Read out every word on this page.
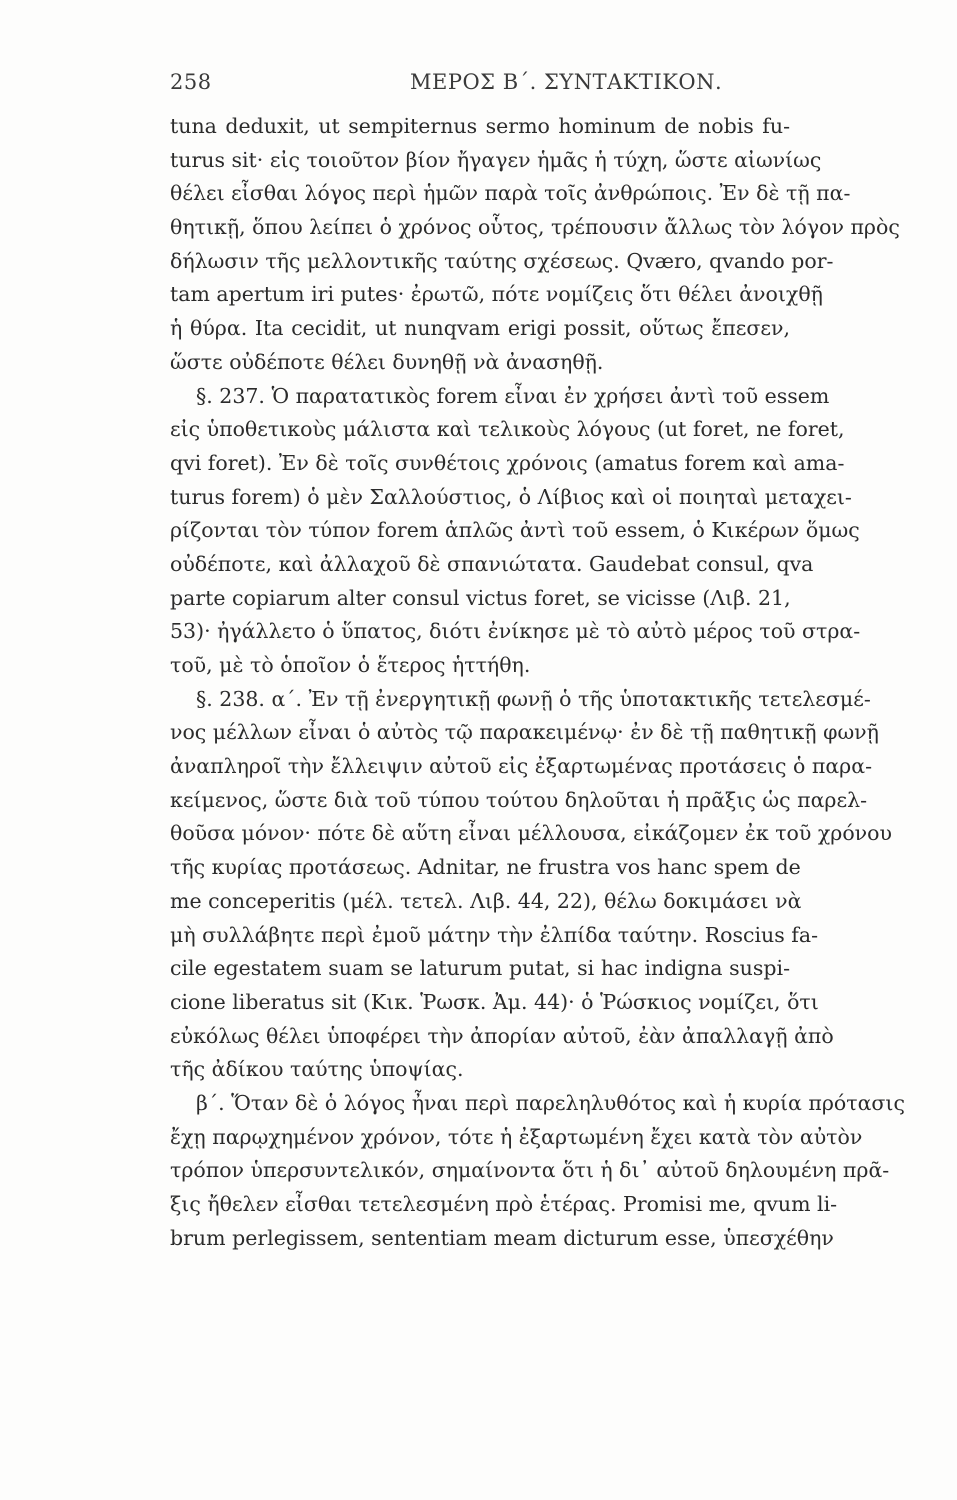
258	ΜΕΡΟΣ Β΄. ΣΥΝΤΑΚΤΙΚΟΝ.
tuna deduxit, ut sempiternus sermo hominum de nobis fu-
turus sit· εἰς τοιοῦτον βίον ἤγαγεν ἡμᾶς ἡ τύχη, ὥστε αἰωνίως
θέλει εἶσθαι λόγος περὶ ἡμῶν παρὰ τοῖς ἀνθρώποις. Ἐν δὲ τῇ πα-
θητικῇ, ὅπου λείπει ὁ χρόνος οὗτος, τρέπουσιν ἄλλως τὸν λόγον πρὸς
δήλωσιν τῆς μελλοντικῆς ταύτης σχέσεως. Qværo, qvando por-
tam apertum iri putes· ἐρωτῶ, πότε νομίζεις ὅτι θέλει ἀνοιχθῇ
ἡ θύρα. Ita cecidit, ut nunqvam erigi possit, οὕτως ἔπεσεν,
ὥστε οὐδέποτε θέλει δυνηθῇ νὰ ἀνασηθῇ.
§. 237. Ὁ παρατατικὸς forem εἶναι ἐν χρήσει ἀντὶ τοῦ essem
εἰς ὑποθετικοὺς μάλιστα καὶ τελικοὺς λόγους (ut foret, ne foret,
qvi foret). Ἐν δὲ τοῖς συνθέτοις χρόνοις (amatus forem καὶ ama-
turus forem) ὁ μὲν Σαλλούστιος, ὁ Λίβιος καὶ οἱ ποιηταὶ μεταχει-
ρίζονται τὸν τύπον forem ἁπλῶς ἀντὶ τοῦ essem, ὁ Κικέρων ὅμως
οὐδέποτε, καὶ ἀλλαχοῦ δὲ σπανιώτατα. Gaudebat consul, qva
parte copiarum alter consul victus foret, se vicisse (Λιβ. 21,
53)· ἠγάλλετο ὁ ὕπατος, διότι ἐνίκησε μὲ τὸ αὐτὸ μέρος τοῦ στρα-
τοῦ, μὲ τὸ ὁποῖον ὁ ἕτερος ἡττήθη.
§. 238. α΄. Ἐν τῇ ἐνεργητικῇ φωνῇ ὁ τῆς ὑποτακτικῆς τετελεσμέ-
νος μέλλων εἶναι ὁ αὐτὸς τῷ παρακειμένῳ· ἐν δὲ τῇ παθητικῇ φωνῇ
ἀναπληροῖ τὴν ἔλλειψιν αὐτοῦ εἰς ἐξαρτωμένας προτάσεις ὁ παρα-
κείμενος, ὥστε διὰ τοῦ τύπου τούτου δηλοῦται ἡ πρᾶξις ὡς παρελ-
θοῦσα μόνον· πότε δὲ αὕτη εἶναι μέλλουσα, εἰκάζομεν ἐκ τοῦ χρόνου
τῆς κυρίας προτάσεως. Adnitar, ne frustra vos hanc spem de
me conceperitis (μέλ. τετελ. Λιβ. 44, 22), θέλω δοκιμάσει νὰ
μὴ συλλάβητε περὶ ἐμοῦ μάτην τὴν ἐλπίδα ταύτην. Roscius fa-
cile egestatem suam se laturum putat, si hac indigna suspi-
cione liberatus sit (Κικ. Ῥωσκ. Ἀμ. 44)· ὁ Ῥώσκιος νομίζει, ὅτι
εὐκόλως θέλει ὑποφέρει τὴν ἀπορίαν αὐτοῦ, ἐὰν ἀπαλλαγῇ ἀπὸ
τῆς ἀδίκου ταύτης ὑποψίας.
β΄. Ὅταν δὲ ὁ λόγος ἦναι περὶ παρεληλυθότος καὶ ἡ κυρία πρότασις
ἔχῃ παρῳχημένον χρόνον, τότε ἡ ἐξαρτωμένη ἔχει κατὰ τὸν αὐτὸν
τρόπον ὑπερσυντελικόν, σημαίνοντα ὅτι ἡ δι᾽ αὐτοῦ δηλουμένη πρᾶ-
ξις ἤθελεν εἶσθαι τετελεσμένη πρὸ ἑτέρας. Promisi me, qvum li-
brum perlegissem, sententiam meam dicturum esse, ὑπεσχέθην
